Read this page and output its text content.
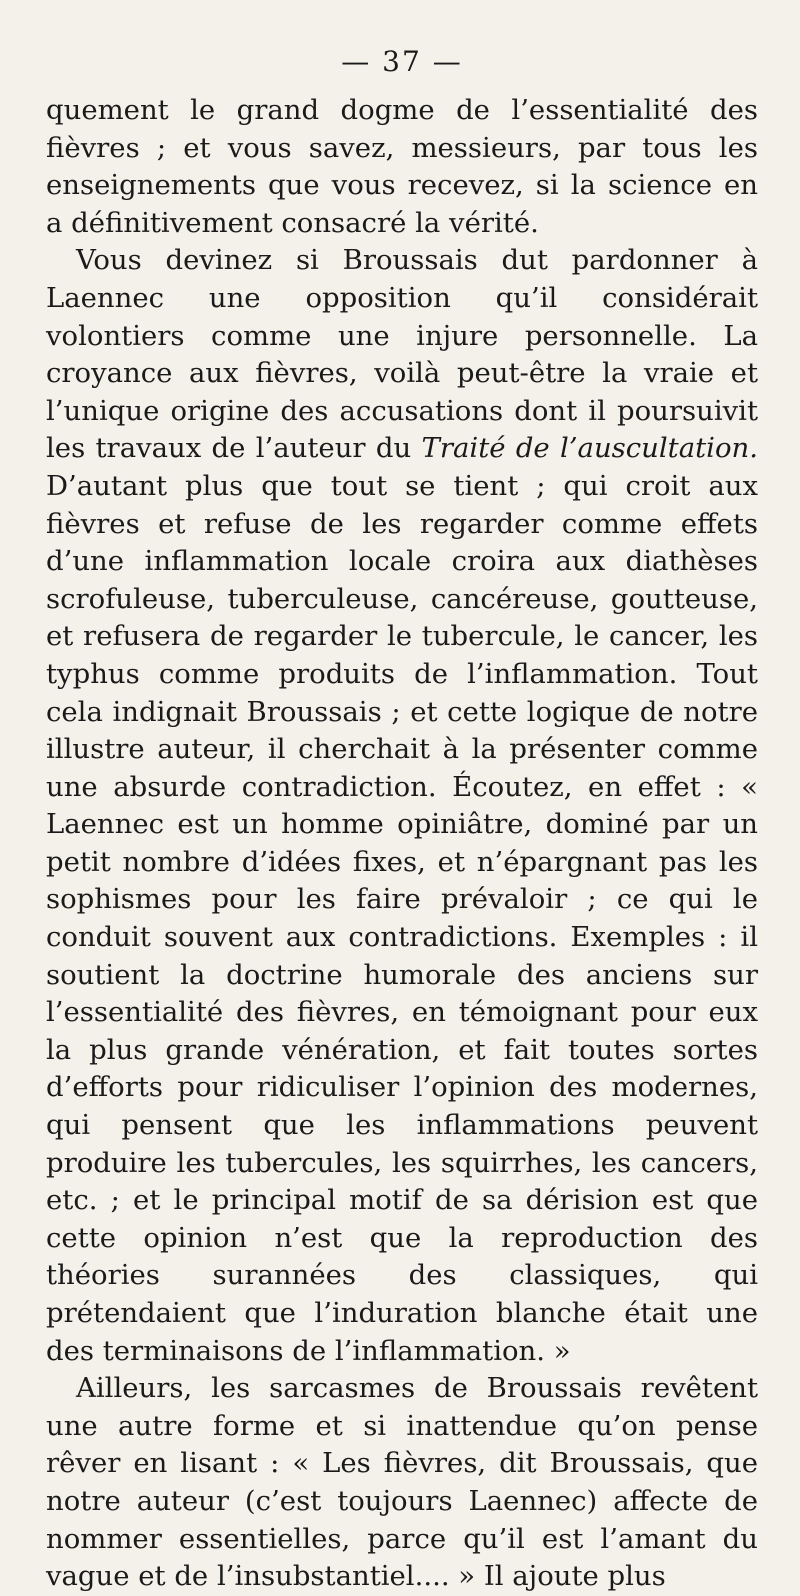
— 37 —

quement le grand dogme de l’essentialité des fièvres ; et vous savez, messieurs, par tous les enseignements que vous recevez, si la science en a définitivement consacré la vérité.

Vous devinez si Broussais dut pardonner à Laennec une opposition qu’il considérait volontiers comme une injure personnelle. La croyance aux fièvres, voilà peut-être la vraie et l’unique origine des accusations dont il poursuivit les travaux de l’auteur du Traité de l’auscultation. D’autant plus que tout se tient ; qui croit aux fièvres et refuse de les regarder comme effets d’une inflammation locale croira aux diathèses scrofuleuse, tuberculeuse, cancéreuse, goutteuse, et refusera de regarder le tubercule, le cancer, les typhus comme produits de l’inflammation. Tout cela indignait Broussais ; et cette logique de notre illustre auteur, il cherchait à la présenter comme une absurde contradiction. Écoutez, en effet : « Laennec est un homme opiniâtre, dominé par un petit nombre d’idées fixes, et n’épargnant pas les sophismes pour les faire prévaloir ; ce qui le conduit souvent aux contradictions. Exemples : il soutient la doctrine humorale des anciens sur l’essentialité des fièvres, en témoignant pour eux la plus grande vénération, et fait toutes sortes d’efforts pour ridiculiser l’opinion des modernes, qui pensent que les inflammations peuvent produire les tubercules, les squirrhes, les cancers, etc. ; et le principal motif de sa dérision est que cette opinion n’est que la reproduction des théories surannées des classiques, qui prétendaient que l’induration blanche était une des terminaisons de l’inflammation. »

Ailleurs, les sarcasmes de Broussais revêtent une autre forme et si inattendue qu’on pense rêver en lisant : « Les fièvres, dit Broussais, que notre auteur (c’est toujours Laennec) affecte de nommer essentielles, parce qu’il est l’amant du vague et de l’insubstantiel.... » Il ajoute plus
